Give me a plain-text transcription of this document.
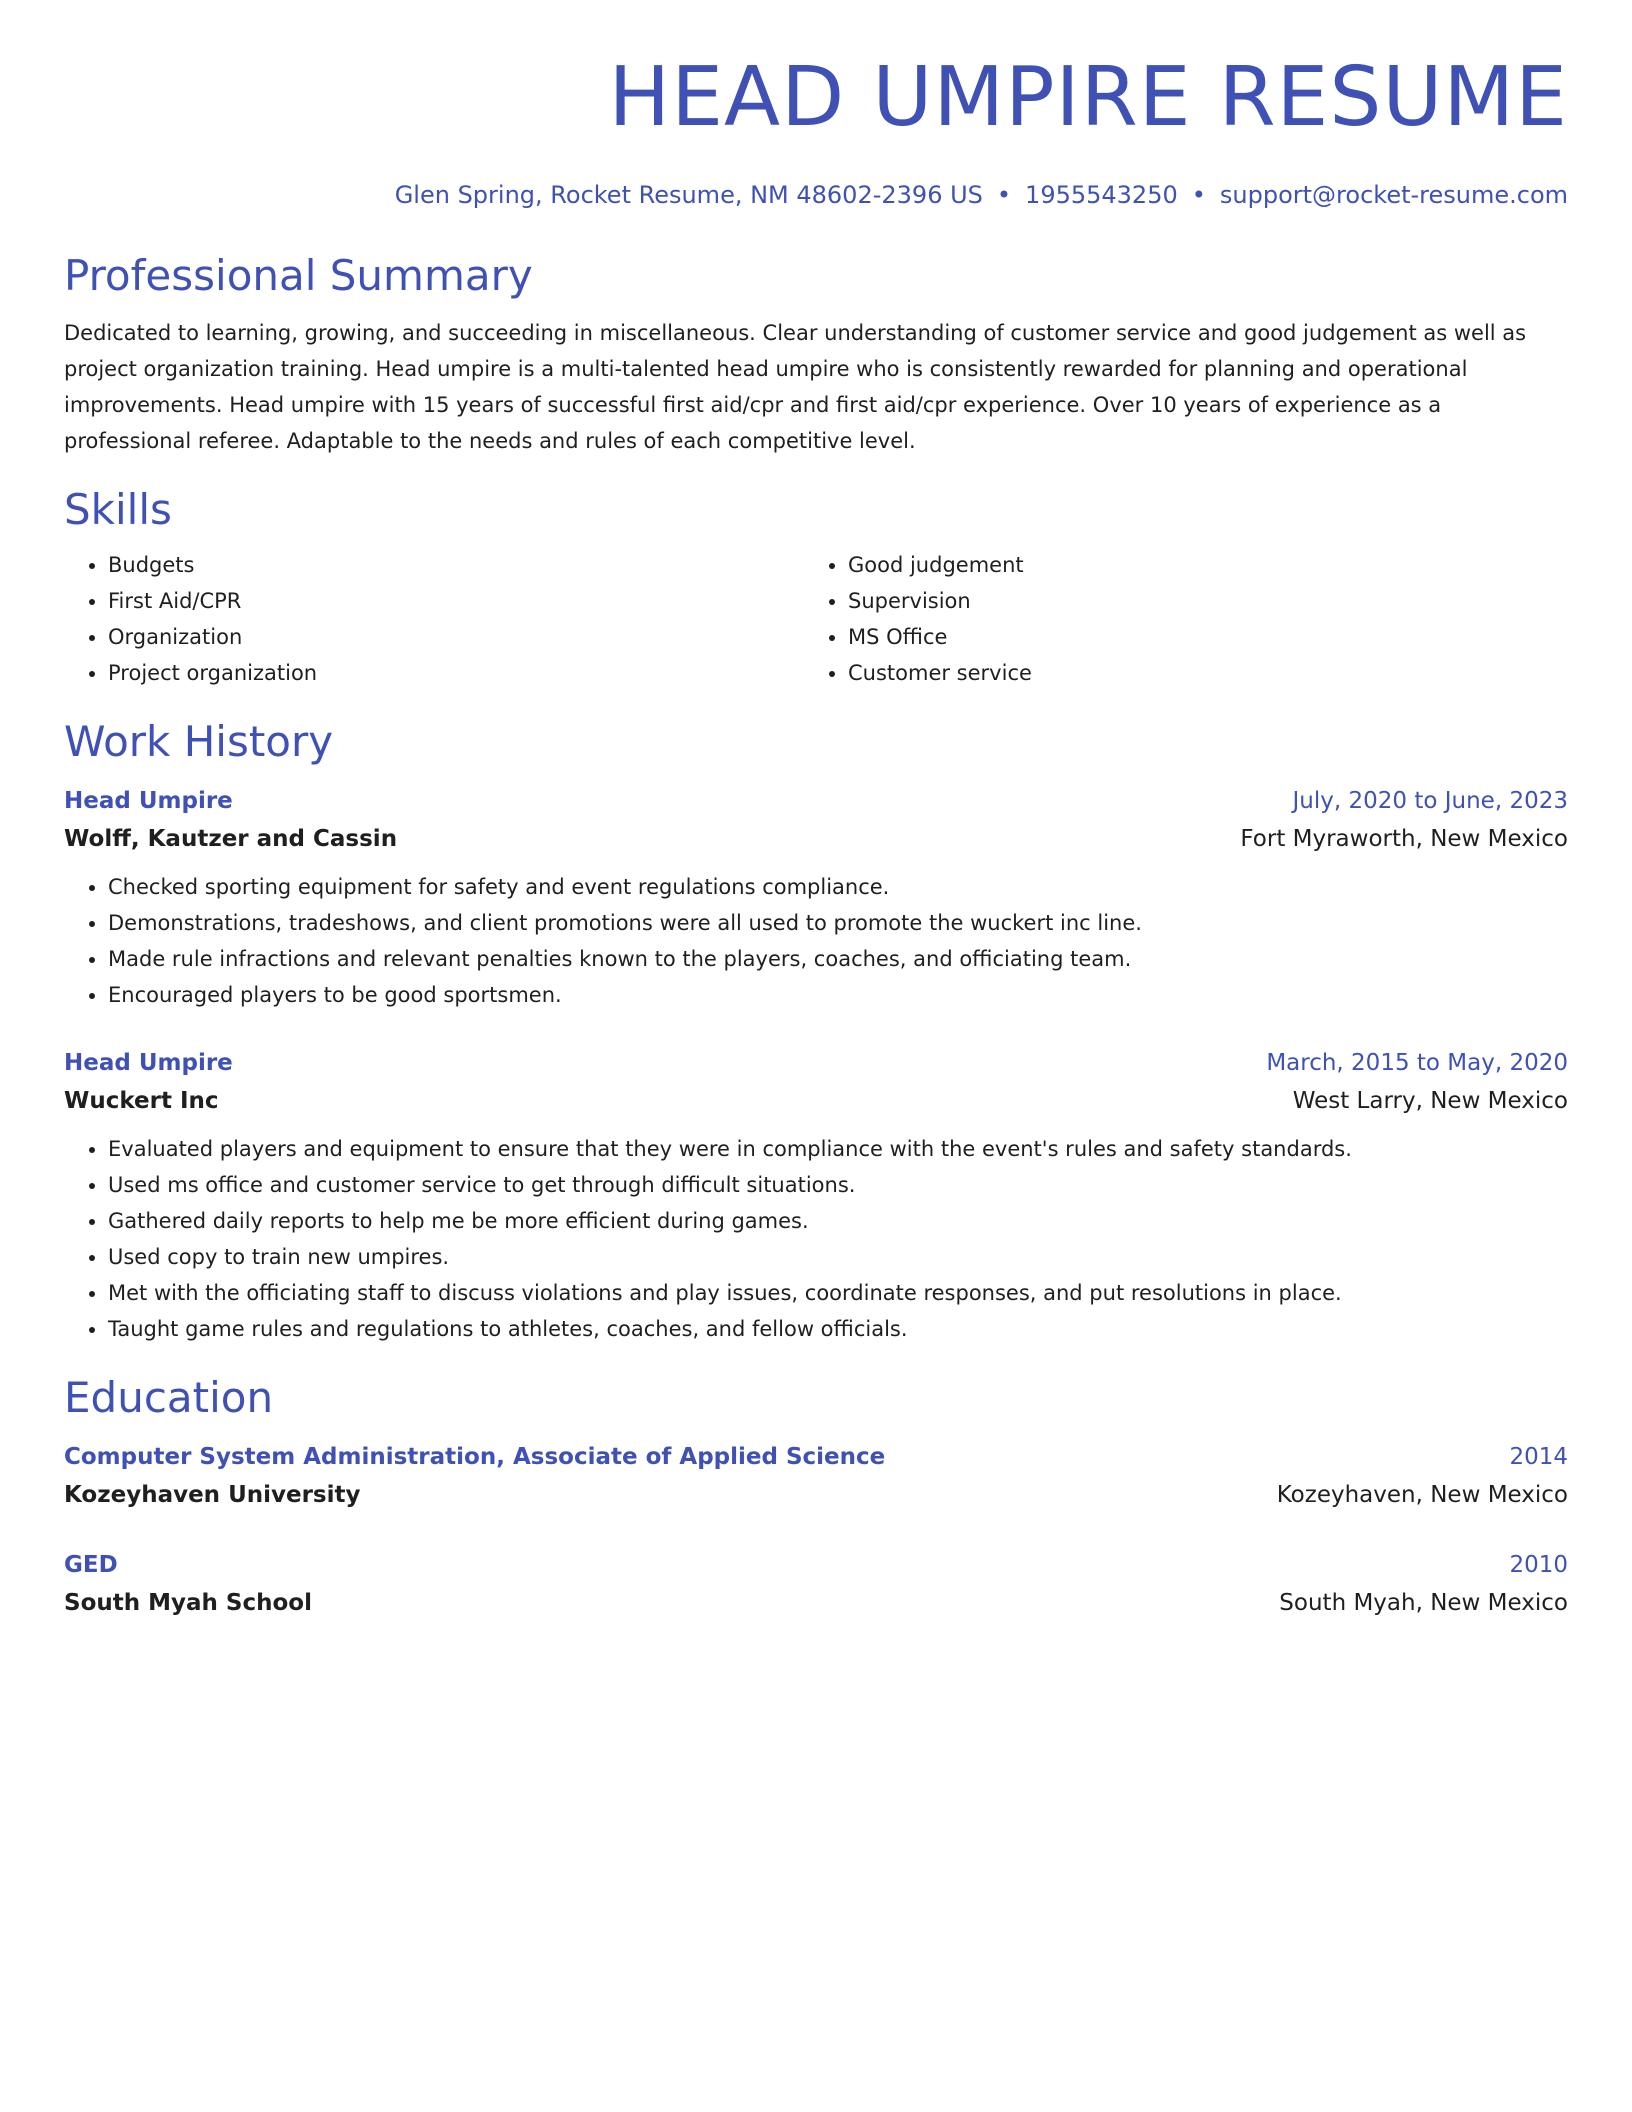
HEAD UMPIRE RESUME
Glen Spring, Rocket Resume, NM 48602-2396 US • 1955543250 • support@rocket-resume.com
Professional Summary
Dedicated to learning, growing, and succeeding in miscellaneous. Clear understanding of customer service and good judgement as well as project organization training. Head umpire is a multi-talented head umpire who is consistently rewarded for planning and operational improvements. Head umpire with 15 years of successful first aid/cpr and first aid/cpr experience. Over 10 years of experience as a professional referee. Adaptable to the needs and rules of each competitive level.
Skills
• Budgets
• First Aid/CPR
• Organization
• Project organization
• Good judgement
• Supervision
• MS Office
• Customer service
Work History
Head Umpire	July, 2020 to June, 2023
Wolff, Kautzer and Cassin	Fort Myraworth, New Mexico
• Checked sporting equipment for safety and event regulations compliance.
• Demonstrations, tradeshows, and client promotions were all used to promote the wuckert inc line.
• Made rule infractions and relevant penalties known to the players, coaches, and officiating team.
• Encouraged players to be good sportsmen.
Head Umpire	March, 2015 to May, 2020
Wuckert Inc	West Larry, New Mexico
• Evaluated players and equipment to ensure that they were in compliance with the event's rules and safety standards.
• Used ms office and customer service to get through difficult situations.
• Gathered daily reports to help me be more efficient during games.
• Used copy to train new umpires.
• Met with the officiating staff to discuss violations and play issues, coordinate responses, and put resolutions in place.
• Taught game rules and regulations to athletes, coaches, and fellow officials.
Education
Computer System Administration, Associate of Applied Science	2014
Kozeyhaven University	Kozeyhaven, New Mexico
GED	2010
South Myah School	South Myah, New Mexico
